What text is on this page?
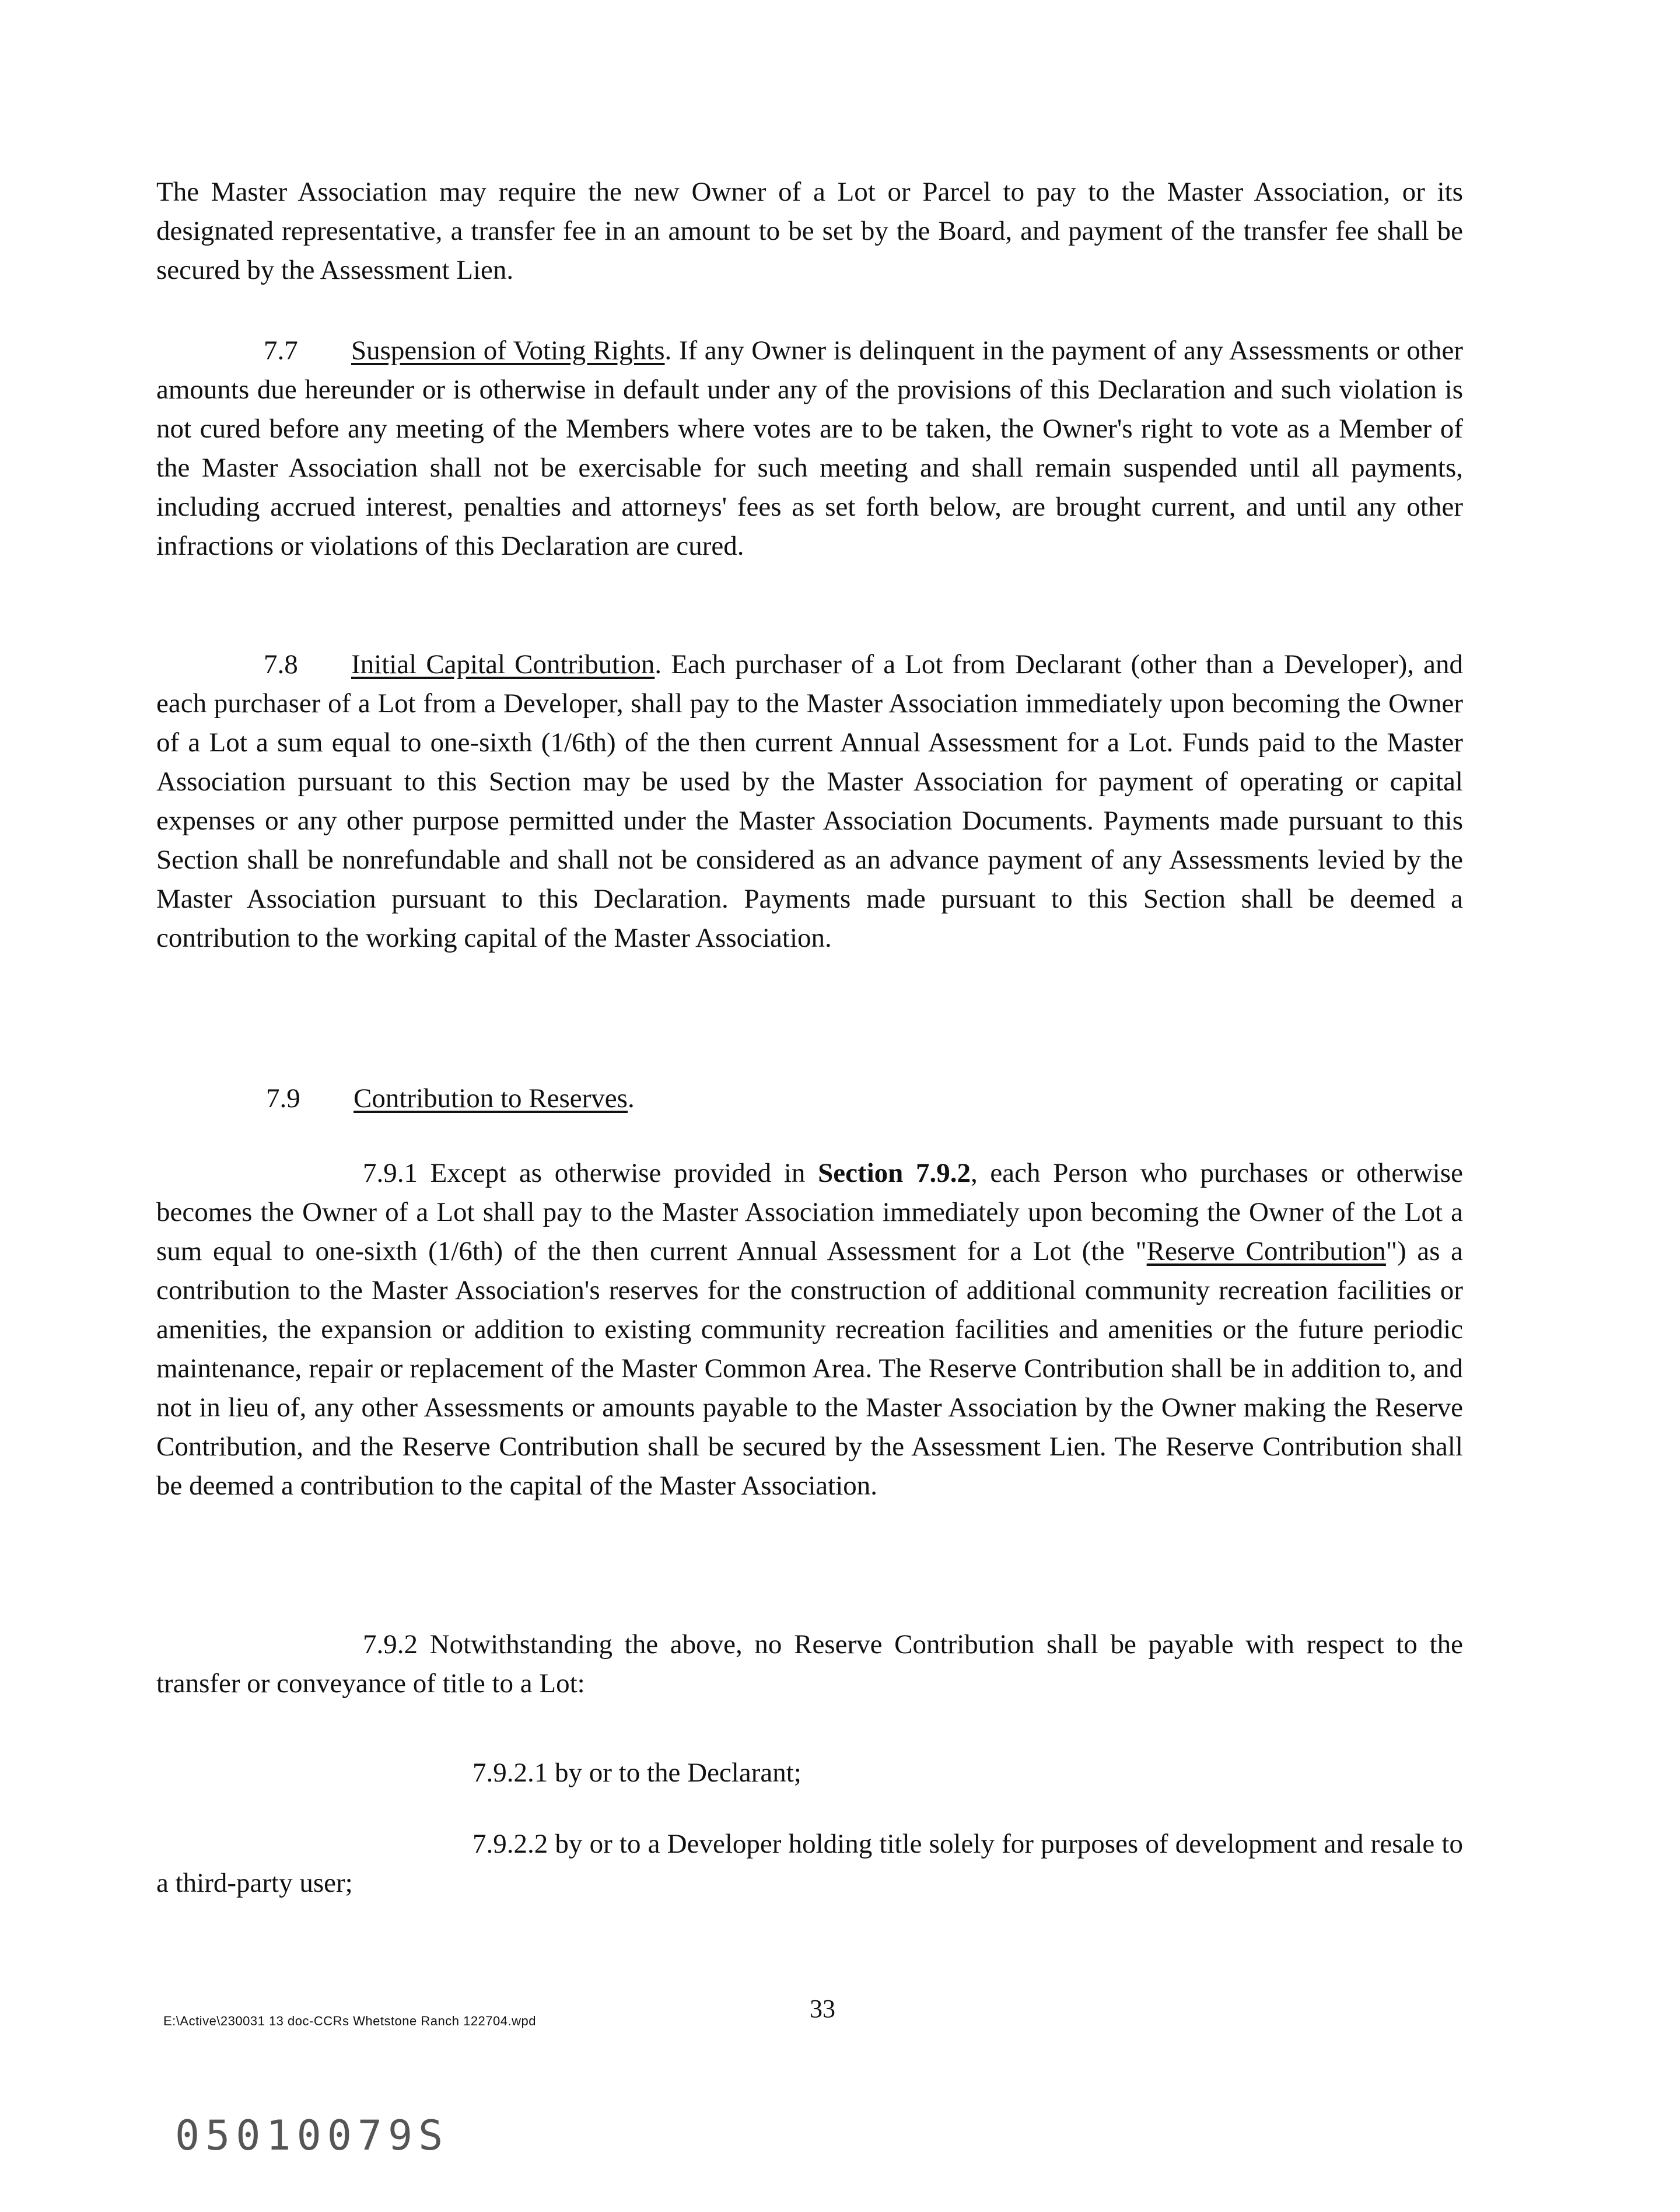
The Master Association may require the new Owner of a Lot or Parcel to pay to the Master Association, or its designated representative, a transfer fee in an amount to be set by the Board, and payment of the transfer fee shall be secured by the Assessment Lien.

7.7 Suspension of Voting Rights. If any Owner is delinquent in the payment of any Assessments or other amounts due hereunder or is otherwise in default under any of the provisions of this Declaration and such violation is not cured before any meeting of the Members where votes are to be taken, the Owner's right to vote as a Member of the Master Association shall not be exercisable for such meeting and shall remain suspended until all payments, including accrued interest, penalties and attorneys' fees as set forth below, are brought current, and until any other infractions or violations of this Declaration are cured.

7.8 Initial Capital Contribution. Each purchaser of a Lot from Declarant (other than a Developer), and each purchaser of a Lot from a Developer, shall pay to the Master Association immediately upon becoming the Owner of a Lot a sum equal to one-sixth (1/6th) of the then current Annual Assessment for a Lot. Funds paid to the Master Association pursuant to this Section may be used by the Master Association for payment of operating or capital expenses or any other purpose permitted under the Master Association Documents. Payments made pursuant to this Section shall be nonrefundable and shall not be considered as an advance payment of any Assessments levied by the Master Association pursuant to this Declaration. Payments made pursuant to this Section shall be deemed a contribution to the working capital of the Master Association.

7.9 Contribution to Reserves.

7.9.1 Except as otherwise provided in Section 7.9.2, each Person who purchases or otherwise becomes the Owner of a Lot shall pay to the Master Association immediately upon becoming the Owner of the Lot a sum equal to one-sixth (1/6th) of the then current Annual Assessment for a Lot (the "Reserve Contribution") as a contribution to the Master Association's reserves for the construction of additional community recreation facilities or amenities, the expansion or addition to existing community recreation facilities and amenities or the future periodic maintenance, repair or replacement of the Master Common Area. The Reserve Contribution shall be in addition to, and not in lieu of, any other Assessments or amounts payable to the Master Association by the Owner making the Reserve Contribution, and the Reserve Contribution shall be secured by the Assessment Lien. The Reserve Contribution shall be deemed a contribution to the capital of the Master Association.

7.9.2 Notwithstanding the above, no Reserve Contribution shall be payable with respect to the transfer or conveyance of title to a Lot:

7.9.2.1 by or to the Declarant;

7.9.2.2 by or to a Developer holding title solely for purposes of development and resale to a third-party user;

E:\Active\230031 13 doc-CCRs Whetstone Ranch 122704.wpd	33
05010079S
